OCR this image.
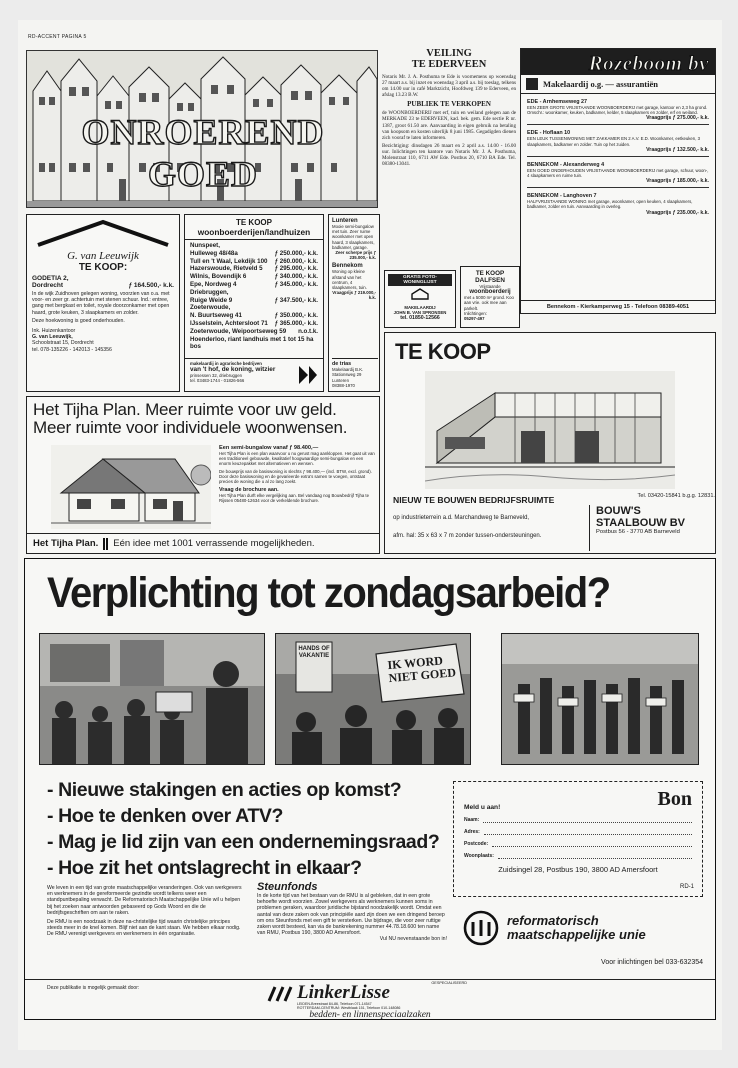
RD-ACCENT PAGINA 5
ONROEREND GOED
VEILING
TE EDERVEEN

Notaris Mr. J. A. Posthuma te Ede is voornemens op woensdag 27 maart a.s. bij inzet en woensdag 3 april a.s. bij toeslag, telkens om 14.00 uur in café Marktzicht, Hoofdweg 139 te Ederveen, en afslag 13.23 B.W.

PUBLIEK TE VERKOPEN

de WOONBOERDERIJ met erf, tuin en weiland gelegen aan de MERKADE 23 te EDERVEEN, kad. bek. gem. Ede sectie R nr. 1387, groot 61.50 are. Aanvaarding in eigen gebruik na betaling van koopsom en kosten uiterlijk 8 juni 1985. Gegadigden dienen zich vooraf te laten informeren.

Bezichtiging: dinsdagen 26 maart en 2 april a.s. 14.00 - 16.00 uur. Inlichtingen ten kantore van Notaris Mr. J. A. Posthuma, Molenstraat 110, 6711 AW Ede. Postbus 20, 6710 BA Ede. Tel. 08380-13041.

Rozeboom bv
Makelaardij o.g. — assurantiën
EDE - Arnhemseweg 27
EEN ZEER GROTE VRIJSTAANDE WOONBOERDERIJ met garage, kantoor en 2,3 ha grond. Omschr.: woonkamer, keuken, badkamer, kelder, 5 slaapkamers en zolder, erf en weiland.
Vraagprijs ƒ 275.000,- k.k.
EDE - Hoflaan 10
EEN LEUK TUSSENWONING MET ZAKKAMER EN 2 A.V. E.D. Woonkamer, eetkeuken, 3 slaapkamers, badkamer en zolder. Tuin op het zuiden.
Vraagprijs ƒ 132.500,- k.k.
BENNEKOM - Alexanderweg 4
EEN GOED ONDERHOUDEN VRIJSTAANDE WOONBOERDERIJ met garage, schuur, woon-, 4 slaapkamers en ruime tuin.
Vraagprijs ƒ 185.000,- k.k.
BENNEKOM - Langhoven 7
HALFVRIJSTAANDE WONING met garage, woonkamer, open keuken, 4 slaapkamers, badkamer, zolder en tuin. Aanvaarding in overleg.
Vraagprijs ƒ 235.000,- k.k.
Bennekom - Kierkamperweg 15 - Telefoon 08389-4051
G. van Leeuwijk
TE KOOP:
GODETIA 2,
Dordrecht	ƒ 164.500,- k.k.

In de wijk Zuidhoven gelegen woning, voorzien van o.a. met voor- en zeer gr. achtertuin met stenen schuur. Ind.: entree, gang met bergkast en toilet, royale doorzonkamer met open haard, grote keuken, 3 slaapkamers en zolder.

Deze hoekwoning is goed onderhouden.

Ink. Huizenkantoor
G. van Leeuwijk,
Schoolstraat 15, Dordrecht
tel. 078-135226 - 142013 - 145356
TE KOOP
woonboerderijen/landhuizen
Nunspeet,
Hulleweg 48/48a	ƒ 250.000,- k.k.
Tull en 't Waal, Lekdijk 100 ƒ 260.000,- k.k.
Hazerswoude, Rietveld 5 ƒ 295.000,- k.k.
Wilnis, Bovendijk 6	ƒ 340.000,- k.k.
Epe, Nordweg 4	ƒ 345.000,- k.k.
Driebruggen,
Ruige Weide 9	ƒ 347.500,- k.k.
Zoeterwoude,
N. Buurtseweg 41	ƒ 350.000,- k.k.
IJsselstein, Achtersloot 71 ƒ 365.000,- k.k.
Zoeterwoude, Weipoortseweg 59 n.o.t.k.
Hoenderloo, riant landhuis met 1 tot 15 ha bos
makelaardij in agrarische bedrijven
van 't hof, de koning, witzier
prinsessen 32, driebruggen
tel. 03483-1744 - 01826-566
Lunteren

Mooie semi-bungalow met tuin. Zeer ruime woonkamer met open haard, 3 slaapkamers, badkamer, garage.

Zeer scherpe prijs ƒ 235.000,- k.k.

Bennekom

Woning op kleine afstand van het centrum, 4 slaapkamers, tuin.

Vraagprijs ƒ 219.000,- k.k.

de trias
Makelaardij B.K. Stationsweg 29 Lunteren
08388-1970
GRATIS FOTO-WONINGLIJST
MAKELAARDIJ
JOHN B. VAN SPRONSEN
tel. 01850-12566
TE KOOP
DALFSEN
Vrijstaande
woonboerderij

met ± 5000 m² grond. Koo aan vrie. ook mee aan parkelt.

Inlichtingen:
05297-497
TE KOOP
NIEUW TE BOUWEN BEDRIJFSRUIMTE
op industrieterrein a.d. Marchandweg te Barneveld,
afm. hal: 35 x 63 x 7 m zonder tussen-ondersteuningen.
Tel. 03420-15841 b.g.g. 12831.
BOUW'S
STAALBOUW BV
Postbus 56 - 3770 AB Barneveld
Het Tijha Plan. Meer ruimte voor uw geld.
Meer ruimte voor individuele woonwensen.
Een semi-bungalow vanaf ƒ 98.400,—

Het Tijha Plan is een plan waarvoor u nu gerust mag aankloppen. Het gaat uit van een traditioneel gebouwde, kwalitatief hoogwaardige semi-bungalow en een enorm keuzepakket met alternatieven en wensen.

De bouwprijs van de basiswoning is slechts ƒ 98.400,— (incl. BTW, excl. grond). Door deze basiswoning en de gevarieerde extra's samen te voegen, ontstaat precies de woning die u al zo lang zoekt.

Vraag de brochure aan.

Het Tijha Plan durft elke vergelijking aan. Bel vandaag nog Bouwbedrijf Tijha te Rijssen 05480-12634 voor de verkeldende brochure.

Het Tijha Plan. Eén idee met 1001 verrassende mogelijkheden.
Verplichting tot zondagsarbeid?
IK WORD NIET GOED
HANDS OF VAKANTIE
- Nieuwe stakingen en acties op komst?
- Hoe te denken over ATV?
- Mag je lid zijn van een ondernemingsraad?
- Hoe zit het ontslagrecht in elkaar?
Meld u aan!	Bon
Naam:
Adres:
Postcode:
Woonplaats:
Zuidsingel 28, Postbus 190, 3800 AD Amersfoort
RD-1

We leven in een tijd van grote maatschappelijke veranderingen. Ook van werkgevers en werknemers in de gereformeerde gezindte wordt telkens weer een standpuntbepaling verwacht. De Reformatorisch Maatschappelijke Unie wil u helpen bij het zoeken naar antwoorden gebaseerd op Gods Woord en die de bedrijfsgeschriften om aan te raken.

De RMU is een noodzaak in deze na-christelijke tijd waarin christelijke principes steeds meer in de knel komen. Blijf niet aan de kant staan. We hebben elkaar nodig. De RMU verenigt werkgevers en werknemers in één organisatie.

Steunfonds

In de korte tijd van het bestaan van de RMU is al gebleken, dat in een grote behoefte wordt voorzien. Zowel werkgevers als werknemers kunnen soms in problemen geraken, waardoor juridische bijstand noodzakelijk wordt. Omdat een aantal van deze zaken ook van principiële aard zijn doen we een dringend beroep om ons Steunfonds met een gift te versterken. Uw bijdrage, die voor zeer ruttige zaken wordt besteed, kan via de bankrekening nummer 44.78.18.600 ten name van RMU, Postbus 190, 3800 AD Amersfoort.

Vul NU nevenstaande bon in!

reformatorisch
maatschappelijke unie
Voor inlichtingen bel 033-632354
Deze publikatie is mogelijk gemaakt door:
GESPECIALISEERD
LinkerLisse
LEIDEN-Breestraat 84-86, Telefoon 071-14547
ROTTERDAM-CENTRUM: Westblaak 151, Telefoon 010-148086
bedden- en linnenspeciaalzaken
